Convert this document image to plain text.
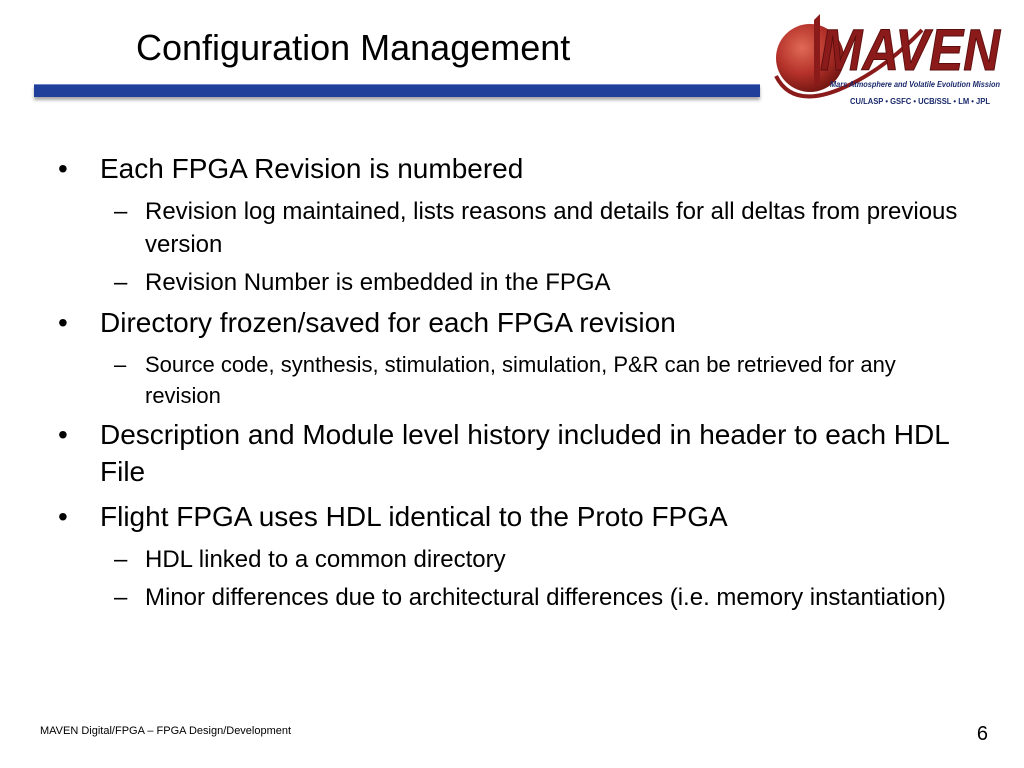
Configuration Management	MAVEN
Mars Atmosphere and Volatile Evolution Mission
CU/LASP • GSFC • UCB/SSL • LM • JPL
• Each FPGA Revision is numbered
– Revision log maintained, lists reasons and details for all deltas from previous version
– Revision Number is embedded in the FPGA
• Directory frozen/saved for each FPGA revision
– Source code, synthesis, stimulation, simulation, P&R can be retrieved for any revision
• Description and Module level history included in header to each HDL File
• Flight FPGA uses HDL identical to the Proto FPGA
– HDL linked to a common directory
– Minor differences due to architectural differences (i.e. memory instantiation)
MAVEN Digital/FPGA – FPGA Design/Development	6
